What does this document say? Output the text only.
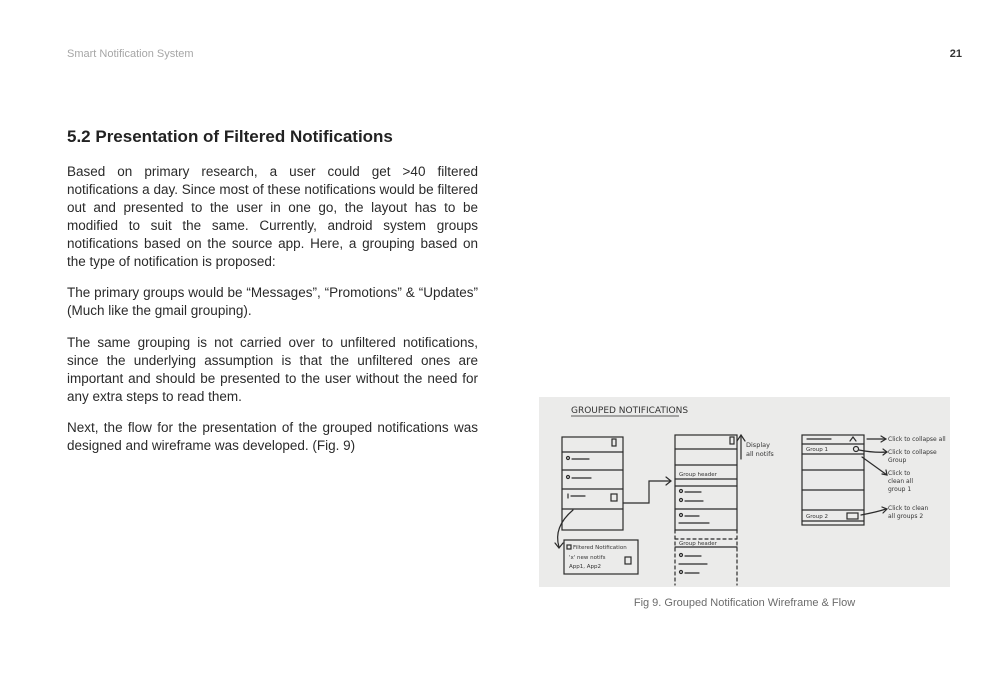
Smart Notification System	21
5.2 Presentation of Filtered Notifications

Based on primary research, a user could get >40 filtered notifications a day. Since most of these notifications would be filtered out and presented to the user in one go, the layout has to be modified to suit the same. Currently, android system groups notifications based on the source app. Here, a grouping based on the type of notification is proposed:

The primary groups would be “Messages”, “Promotions” & “Updates” (Much like the gmail grouping).

The same grouping is not carried over to unfiltered notifications, since the underlying assumption is that the unfiltered ones are important and should be presented to the user without the need for any extra steps to read them.

Next, the flow for the presentation of the grouped notifications was designed and wireframe was developed. (Fig. 9)

GROUPED NOTIFICATIONS
Filtered Notification
'x' new notifs
App1, App2
Display
all notifs
Group header
Group header
Group 1
Group 2
Click to collapse all
Click to collapse
Group
Click to
clean all
group 1
Click to clean
all groups 2
Fig 9. Grouped Notification Wireframe & Flow
